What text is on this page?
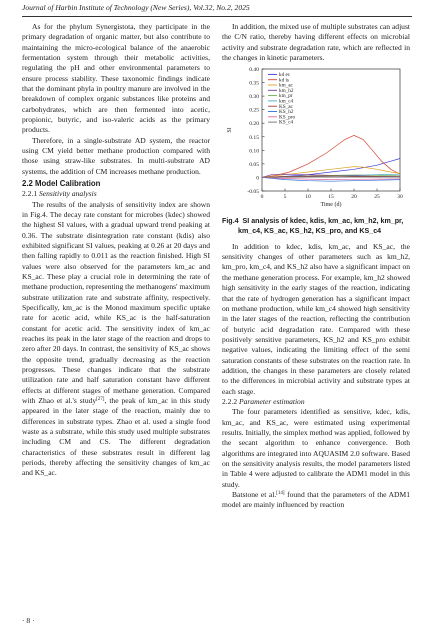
Journal of Harbin Institute of Technology (New Series), Vol.32, No.2, 2025

As for the phylum Synergistota, they participate in the primary degradation of organic matter, but also contribute to maintaining the micro-ecological balance of the anaerobic fermentation system through their metabolic activities, regulating the pH and other environmental parameters to ensure process stability. These taxonomic findings indicate that the dominant phyla in poultry manure are involved in the breakdown of complex organic substances like proteins and carbohydrates, which are then fermented into acetic, propionic, butyric, and iso-valeric acids as the primary products.

Therefore, in a single-substrate AD system, the reactor using CM yield better methane production compared with those using straw-like substrates. In multi-substrate AD systems, the addition of CM increases methane production.

2.2 Model Calibration
2.2.1 Sensitivity analysis

The results of the analysis of sensitivity index are shown in Fig.4. The decay rate constant for microbes (kdec) showed the highest SI values, with a gradual upward trend peaking at 0.36. The substrate disintegration rate constant (kdis) also exhibited significant SI values, peaking at 0.26 at 20 days and then falling rapidly to 0.011 as the reaction finished. High SI values were also observed for the parameters km_ac and KS_ac. These play a crucial role in determining the rate of methane production, representing the methanogens' maximum substrate utilization rate and substrate affinity, respectively. Specifically, km_ac is the Monod maximum specific uptake rate for acetic acid, while KS_ac is the half-saturation constant for acetic acid. The sensitivity index of km_ac reaches its peak in the later stage of the reaction and drops to zero after 20 days. In contrast, the sensitivity of KS_ac shows the opposite trend, gradually decreasing as the reaction progresses. These changes indicate that the substrate utilization rate and half saturation constant have different effects at different stages of methane generation. Compared with Zhao et al.'s study[27], the peak of km_ac in this study appeared in the later stage of the reaction, mainly due to differences in substrate types. Zhao et al. used a single food waste as a substrate, while this study used multiple substrates including CM and CS. The different degradation characteristics of these substrates result in different lag periods, thereby affecting the sensitivity changes of km_ac and KS_ac.

In addition, the mixed use of multiple substrates can adjust the C/N ratio, thereby having different effects on microbial activity and substrate degradation rate, which are reflected in the changes in kinetic parameters.

-0.05
0
0.05
0.10
0.15
0.20
0.25
0.30
0.35
0.40
0	5	10	15	20	25	30
Time (d)
SI
kd ec
kd is
km_ac
km_h2
km_pr
km_c4
KS_ac
KS_h2
KS_pro
KS_c4
Fig.4 SI analysis of kdec, kdis, km_ac, km_h2, km_pr, km_c4, KS_ac, KS_h2, KS_pro, and KS_c4

In addition to kdec, kdis, km_ac, and KS_ac, the sensitivity changes of other parameters such as km_h2, km_pro, km_c4, and KS_h2 also have a significant impact on the methane generation process. For example, km_h2 showed high sensitivity in the early stages of the reaction, indicating that the rate of hydrogen generation has a significant impact on methane production, while km_c4 showed high sensitivity in the later stages of the reaction, reflecting the contribution of butyric acid degradation rate. Compared with these positively sensitive parameters, KS_h2 and KS_pro exhibit negative values, indicating the limiting effect of the semi saturation constants of these substrates on the reaction rate. In addition, the changes in these parameters are closely related to the differences in microbial activity and substrate types at each stage.

2.2.2 Parameter estimation

The four parameters identified as sensitive, kdec, kdis, km_ac, and KS_ac, were estimated using experimental results. Initially, the simplex method was applied, followed by the secant algorithm to enhance convergence. Both algorithms are integrated into AQUASIM 2.0 software. Based on the sensitivity analysis results, the model parameters listed in Table 4 were adjusted to calibrate the ADM1 model in this study.

Batstone et al.[14] found that the parameters of the ADM1 model are mainly influenced by reaction

· 8 ·
